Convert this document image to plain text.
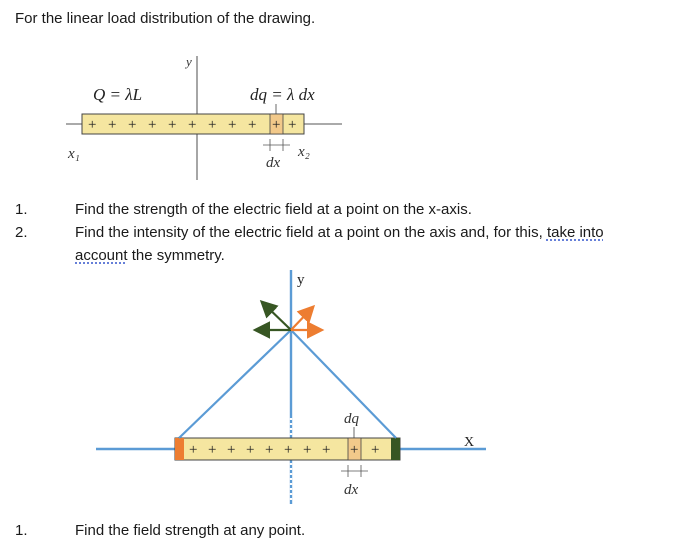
For the linear load distribution of the drawing.
+ + + + + + + + + + +
y
Q = λL	dq = λ dx
x₁	x₂
dx
1.	Find the strength of the electric field at a point on the x-axis.
2.	Find the intensity of the electric field at a point on the axis and, for this, take into
account the symmetry.
+ + + + + + + + + +
y
X
dq
dx
1.	Find the field strength at any point.
